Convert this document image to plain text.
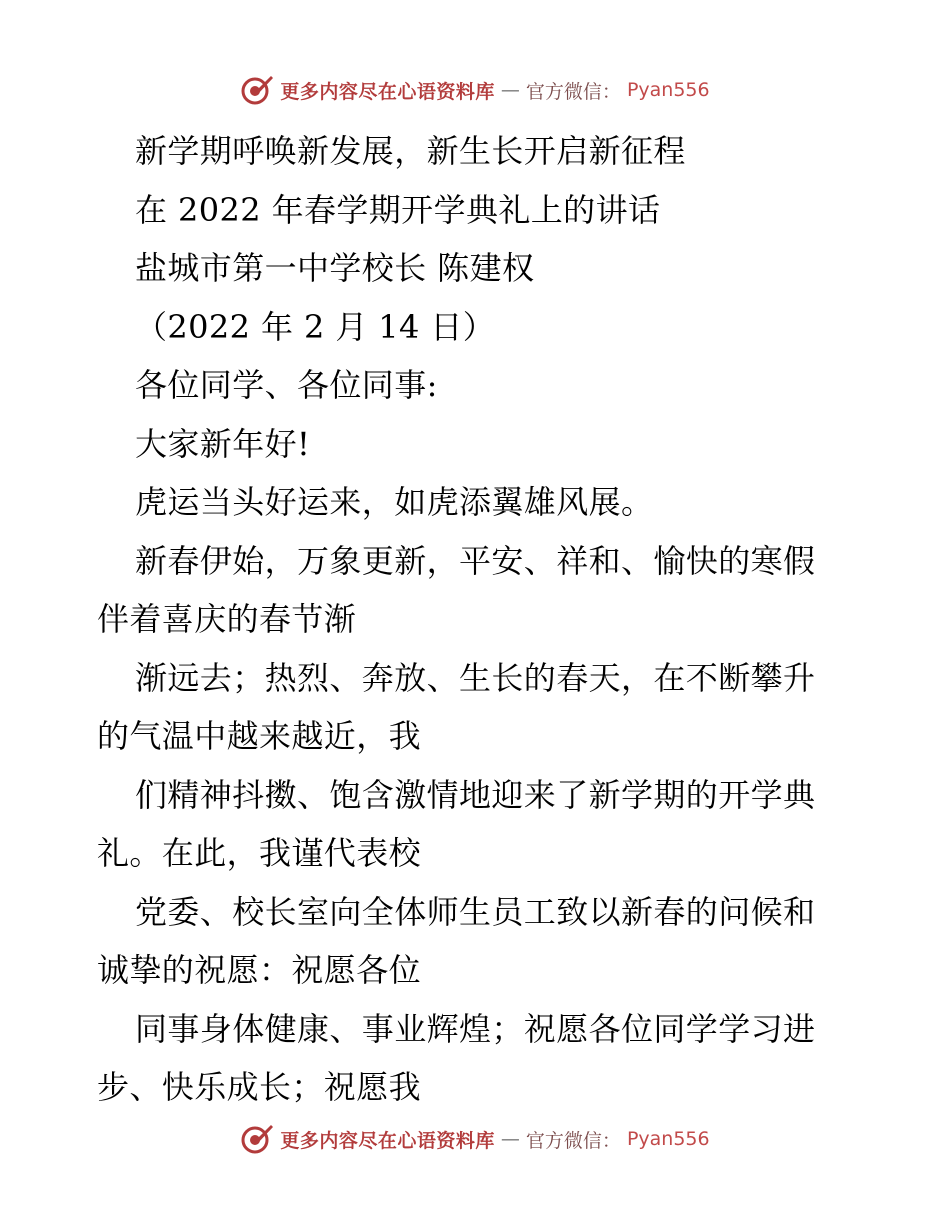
更多内容尽在心语资料库 — 官方微信： Pyan556
新学期呼唤新发展，新生长开启新征程
在 2022 年春学期开学典礼上的讲话
盐城市第一中学校长 陈建权
（2022 年 2 月 14 日）
各位同学、各位同事:
大家新年好!
虎运当头好运来，如虎添翼雄风展。
新春伊始，万象更新，平安、祥和、愉快的寒假
伴着喜庆的春节渐
渐远去；热烈、奔放、生长的春天，在不断攀升
的气温中越来越近，我
们精神抖擞、饱含激情地迎来了新学期的开学典
礼。在此，我谨代表校
党委、校长室向全体师生员工致以新春的问候和
诚挚的祝愿：祝愿各位
同事身体健康、事业辉煌；祝愿各位同学学习进
步、快乐成长；祝愿我
更多内容尽在心语资料库 — 官方微信： Pyan556
